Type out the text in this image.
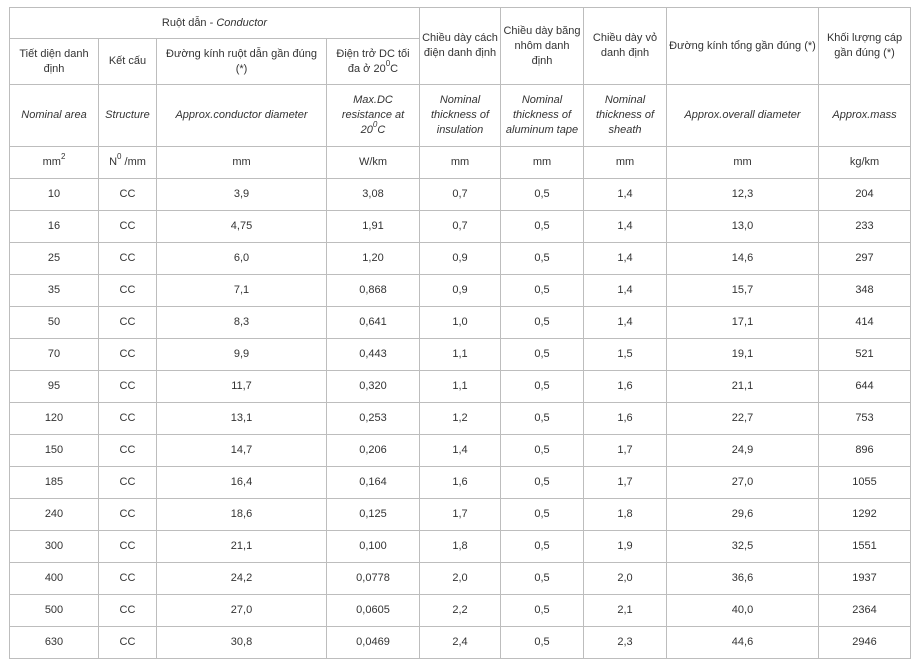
Ruột dẫn - Conductor				Chiều dày cách điện danh định	Chiều dày băng nhôm danh định	Chiều dày vỏ danh định	Đường kính tổng gần đúng (*)	Khối lượng cáp gần đúng (*)
Tiết diện danh định	Kết cấu	Đường kính ruột dẫn gần đúng (*)	Điện trở DC tối đa ở $20^0C$					
Nominal area	Structure	Approx.conductor diameter	Max.DC resistance at $20^0C$	Nominal thickness of insulation	Nominal thickness of aluminum tape	Nominal thickness of sheath	Approx.overall diameter	Approx.mass
$mm^2$	$N^0$ /mm	mm	W/km	mm	mm	mm	mm	kg/km
10	CC	3,9	3,08	0,7	0,5	1,4	12,3	204
16	CC	4,75	1,91	0,7	0,5	1,4	13,0	233
25	CC	6,0	1,20	0,9	0,5	1,4	14,6	297
35	CC	7,1	0,868	0,9	0,5	1,4	15,7	348
50	CC	8,3	0,641	1,0	0,5	1,4	17,1	414
70	CC	9,9	0,443	1,1	0,5	1,5	19,1	521
95	CC	11,7	0,320	1,1	0,5	1,6	21,1	644
120	CC	13,1	0,253	1,2	0,5	1,6	22,7	753
150	CC	14,7	0,206	1,4	0,5	1,7	24,9	896
185	CC	16,4	0,164	1,6	0,5	1,7	27,0	1055
240	CC	18,6	0,125	1,7	0,5	1,8	29,6	1292
300	CC	21,1	0,100	1,8	0,5	1,9	32,5	1551
400	CC	24,2	0,0778	2,0	0,5	2,0	36,6	1937
500	CC	27,0	0,0605	2,2	0,5	2,1	40,0	2364
630	CC	30,8	0,0469	2,4	0,5	2,3	44,6	2946
